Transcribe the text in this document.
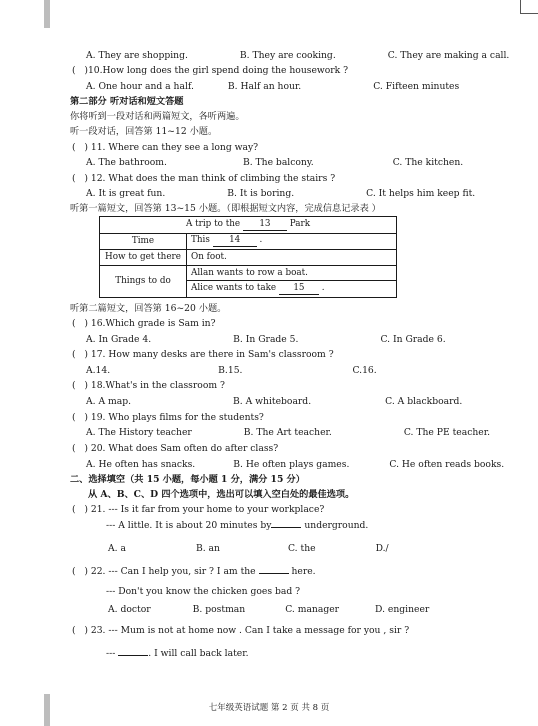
A. They are shopping.	B. They are cooking.	C. They are making a call.
(   )10.How long does the girl spend doing the housework ?
A. One hour and a half.	B. Half an hour.	C. Fifteen minutes
第二部分 听对话和短文答题
你将听到一段对话和两篇短文，各听两遍。
听一段对话，回答第 11~12 小题。
(   ) 11. Where can they see a long way?
A. The bathroom.	B. The balcony.	C. The kitchen.
(   ) 12. What does the man think of climbing the stairs ?
A. It is great fun.	B. It is boring.	C. It helps him keep fit.
听第一篇短文，回答第 13~15 小题。（即根据短文内容，完成信息记录表 ）
A trip to the 13 Park	
Time	This 14 .
How to get there	On foot.
Things to do	Allan wants to row a boat.
	Alice wants to take 15 .
听第二篇短文，回答第 16~20 小题。
(   ) 16.Which grade is Sam in?
A. In Grade 4.	B. In Grade 5.	C. In Grade 6.
(   ) 17. How many desks are there in Sam's classroom ?
A.14.	B.15.	C.16.
(   ) 18.What's in the classroom ?
A. A map.	B. A whiteboard.	C. A blackboard.
(   ) 19. Who plays films for the students?
A. The History teacher	B. The Art teacher.	C. The PE teacher.
(   ) 20. What does Sam often do after class?
A. He often has snacks.	B. He often plays games.	C. He often reads books.
二、选择填空（共 15 小题，每小题 1 分，满分 15 分）
从 A、B、C、D 四个选项中，选出可以填入空白处的最佳选项。
(   ) 21. --- Is it far from your home to your workplace?
--- A little. It is about 20 minutes by	underground.
A. a	B. an	C. the	D./
(   ) 22. --- Can I help you, sir ? I am the	here.
--- Don't you know the chicken goes bad ?
A. doctor	B. postman	C. manager	D. engineer
(   ) 23. --- Mum is not at home now . Can I take a message for you , sir ?
---	. I will call back later.
七年级英语试题 第 2 页 共 8 页
